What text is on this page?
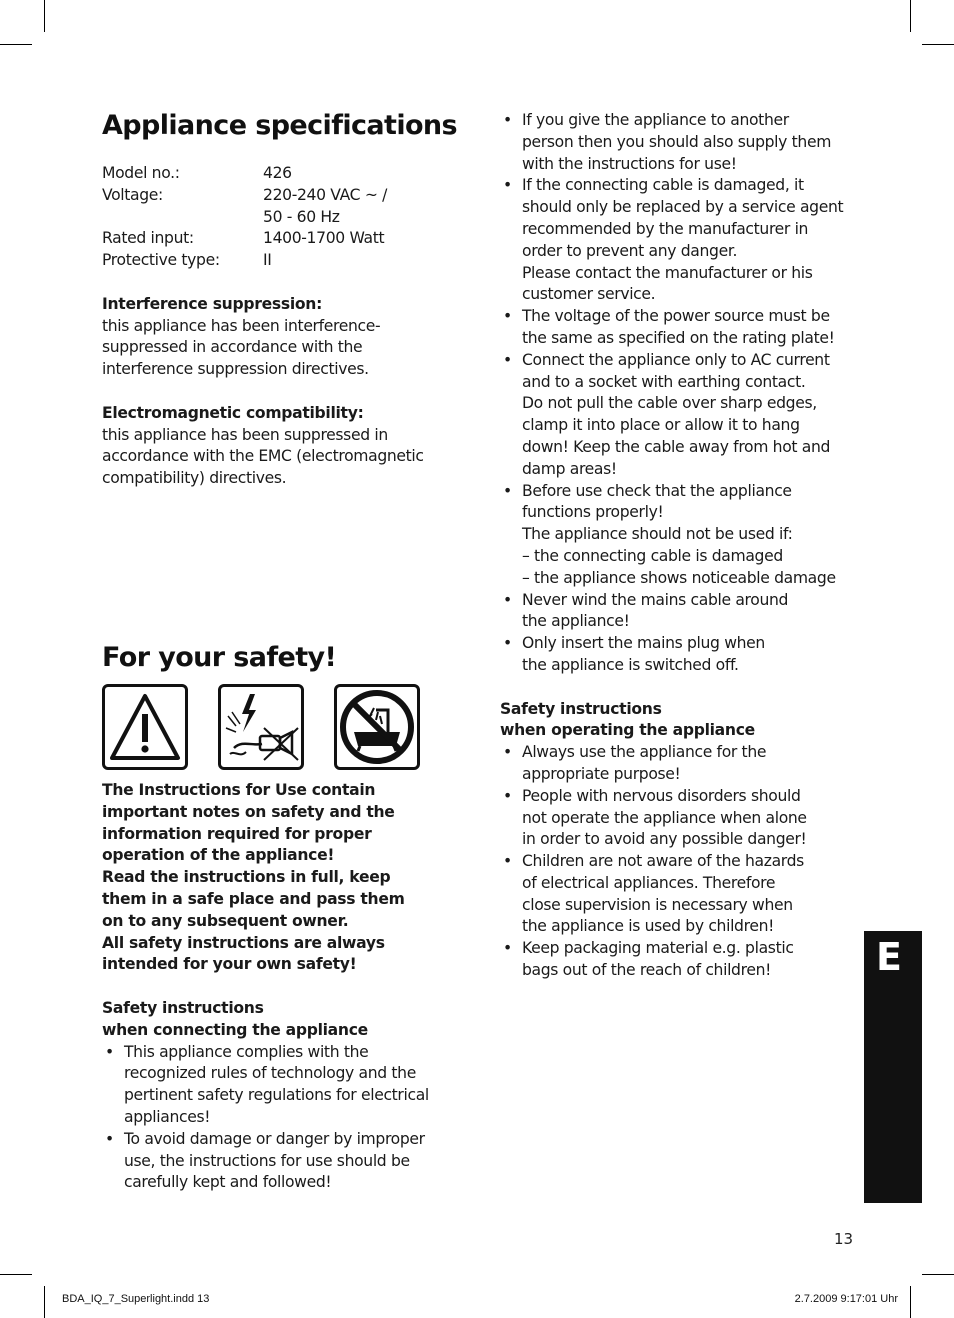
Appliance specifications
Model no.:	426
Voltage:	220-240 VAC ~ /
50 - 60 Hz
Rated input:	1400-1700 Watt
Protective type:	II
Interference suppression:
this appliance has been interference-
suppressed in accordance with the
interference suppression directives.
Electromagnetic compatibility:
this appliance has been suppressed in
accordance with the EMC (electromagnetic
compatibility) directives.
For your safety!
The Instructions for Use contain
important notes on safety and the
information required for proper
operation of the appliance!
Read the instructions in full, keep
them in a safe place and pass them
on to any subsequent owner.
All safety instructions are always
intended for your own safety!
Safety instructions
when connecting the appliance
• This appliance complies with the
recognized rules of technology and the
pertinent safety regulations for electrical
appliances!
• To avoid damage or danger by improper
use, the instructions for use should be
carefully kept and followed!
• If you give the appliance to another
person then you should also supply them
with the instructions for use!
• If the connecting cable is damaged, it
should only be replaced by a service agent
recommended by the manufacturer in
order to prevent any danger.
Please contact the manufacturer or his
customer service.
• The voltage of the power source must be
the same as specified on the rating plate!
• Connect the appliance only to AC current
and to a socket with earthing contact.
Do not pull the cable over sharp edges,
clamp it into place or allow it to hang
down! Keep the cable away from hot and
damp areas!
• Before use check that the appliance
functions properly!
The appliance should not be used if:
– the connecting cable is damaged
– the appliance shows noticeable damage
• Never wind the mains cable around
the appliance!
• Only insert the mains plug when
the appliance is switched off.
Safety instructions
when operating the appliance
• Always use the appliance for the
appropriate purpose!
• People with nervous disorders should
not operate the appliance when alone
in order to avoid any possible danger!
• Children are not aware of the hazards
of electrical appliances. Therefore
close supervision is necessary when
the appliance is used by children!
• Keep packaging material e.g. plastic
bags out of the reach of children!	E
13
BDA_IQ_7_Superlight.indd 13	2.7.2009 9:17:01 Uhr
